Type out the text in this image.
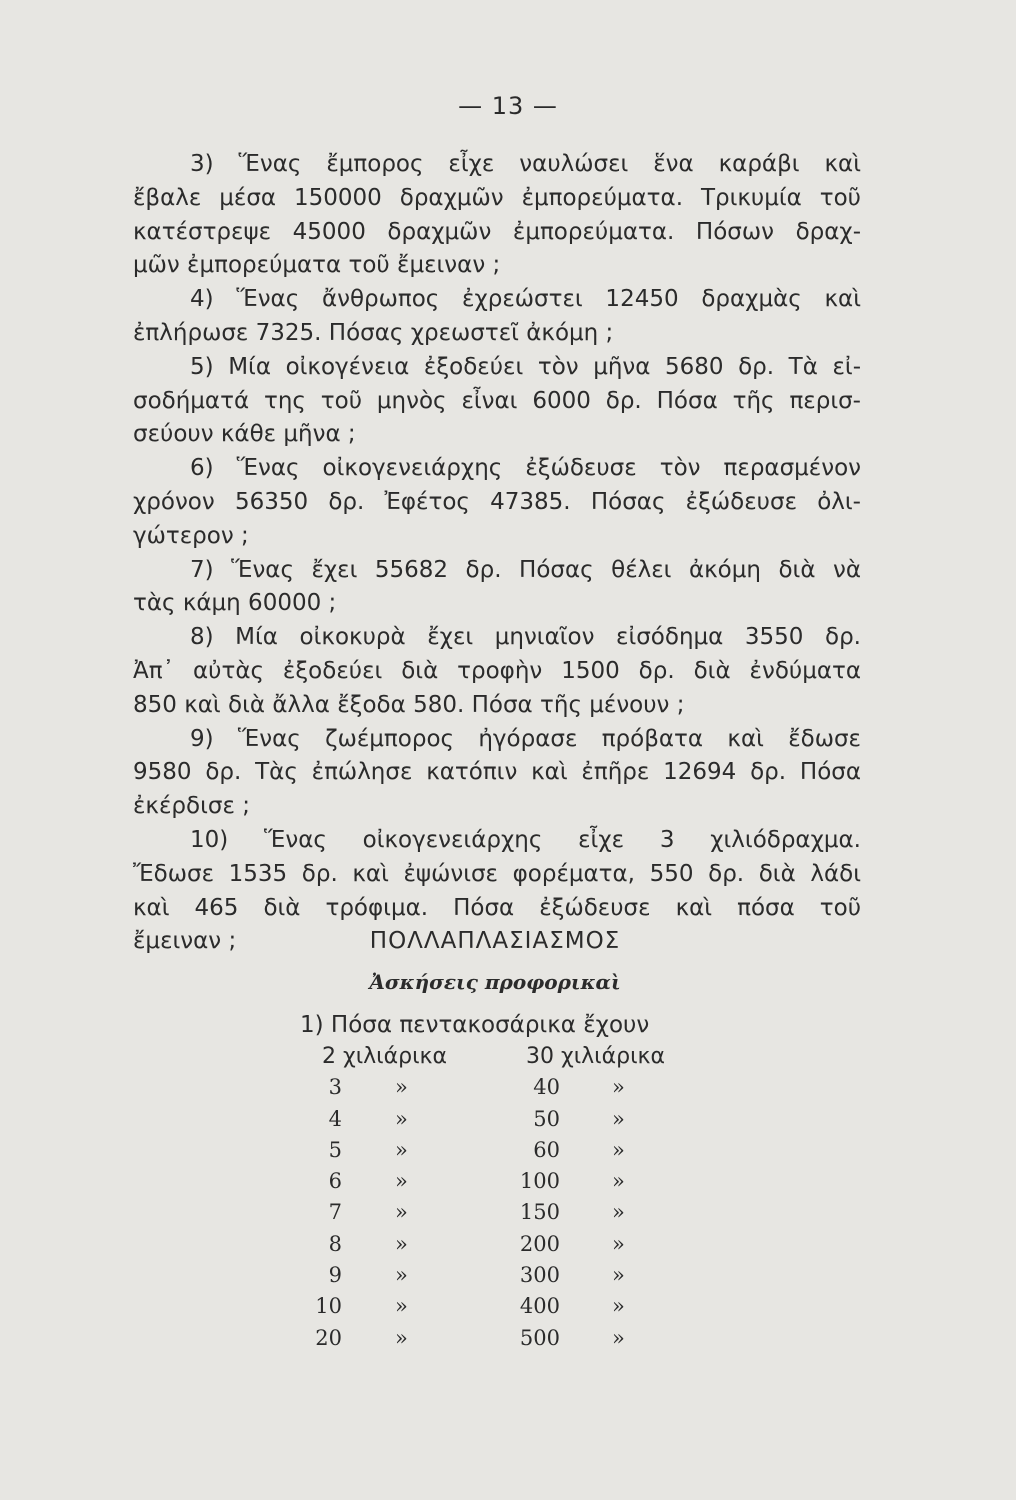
— 13 —
3) Ἕνας ἔμπορος εἶχε ναυλώσει ἕνα καράβι καὶ
ἔβαλε μέσα 150000 δραχμῶν ἐμπορεύματα. Τρικυμία τοῦ
κατέστρεψε 45000 δραχμῶν ἐμπορεύματα. Πόσων δραχ-
μῶν ἐμπορεύματα τοῦ ἔμειναν ;
4) Ἕνας ἄνθρωπος ἐχρεώστει 12450 δραχμὰς καὶ
ἐπλήρωσε 7325. Πόσας χρεωστεῖ ἀκόμη ;
5) Μία οἰκογένεια ἐξοδεύει τὸν μῆνα 5680 δρ. Τὰ εἰ-
σοδήματά της τοῦ μηνὸς εἶναι 6000 δρ. Πόσα τῆς περισ-
σεύουν κάθε μῆνα ;
6) Ἕνας οἰκογενειάρχης ἐξώδευσε τὸν περασμένον
χρόνον 56350 δρ. Ἐφέτος 47385. Πόσας ἐξώδευσε ὀλι-
γώτερον ;
7) Ἕνας ἔχει 55682 δρ. Πόσας θέλει ἀκόμη διὰ νὰ
τὰς κάμη 60000 ;
8) Μία οἰκοκυρὰ ἔχει μηνιαῖον εἰσόδημα 3550 δρ.
Ἀπ᾽ αὐτὰς ἐξοδεύει διὰ τροφὴν 1500 δρ. διὰ ἐνδύματα
850 καὶ διὰ ἄλλα ἔξοδα 580. Πόσα τῆς μένουν ;
9) Ἕνας ζωέμπορος ἠγόρασε πρόβατα καὶ ἔδωσε
9580 δρ. Τὰς ἐπώλησε κατόπιν καὶ ἐπῆρε 12694 δρ. Πόσα
ἐκέρδισε ;
10) Ἕνας οἰκογενειάρχης εἶχε 3 χιλιόδραχμα.
Ἔδωσε 1535 δρ. καὶ ἐψώνισε φορέματα, 550 δρ. διὰ λάδι
καὶ 465 διὰ τρόφιμα. Πόσα ἐξώδευσε καὶ πόσα τοῦ
ἔμειναν ;	ΠΟΛΛΑΠΛΑΣΙΑΣΜΟΣ
Ἀσκήσεις προφορικαὶ
1) Πόσα πεντακοσάρικα ἔχουν
2 χιλιάρικα	30 χιλιάρικα
3	»	40 »
4	»	50 »
5	»	60 »
6	»	100 »
7	»	150 »
8	»	200 »
9	»	300 »
10	»	400 »
20	»	500 »
